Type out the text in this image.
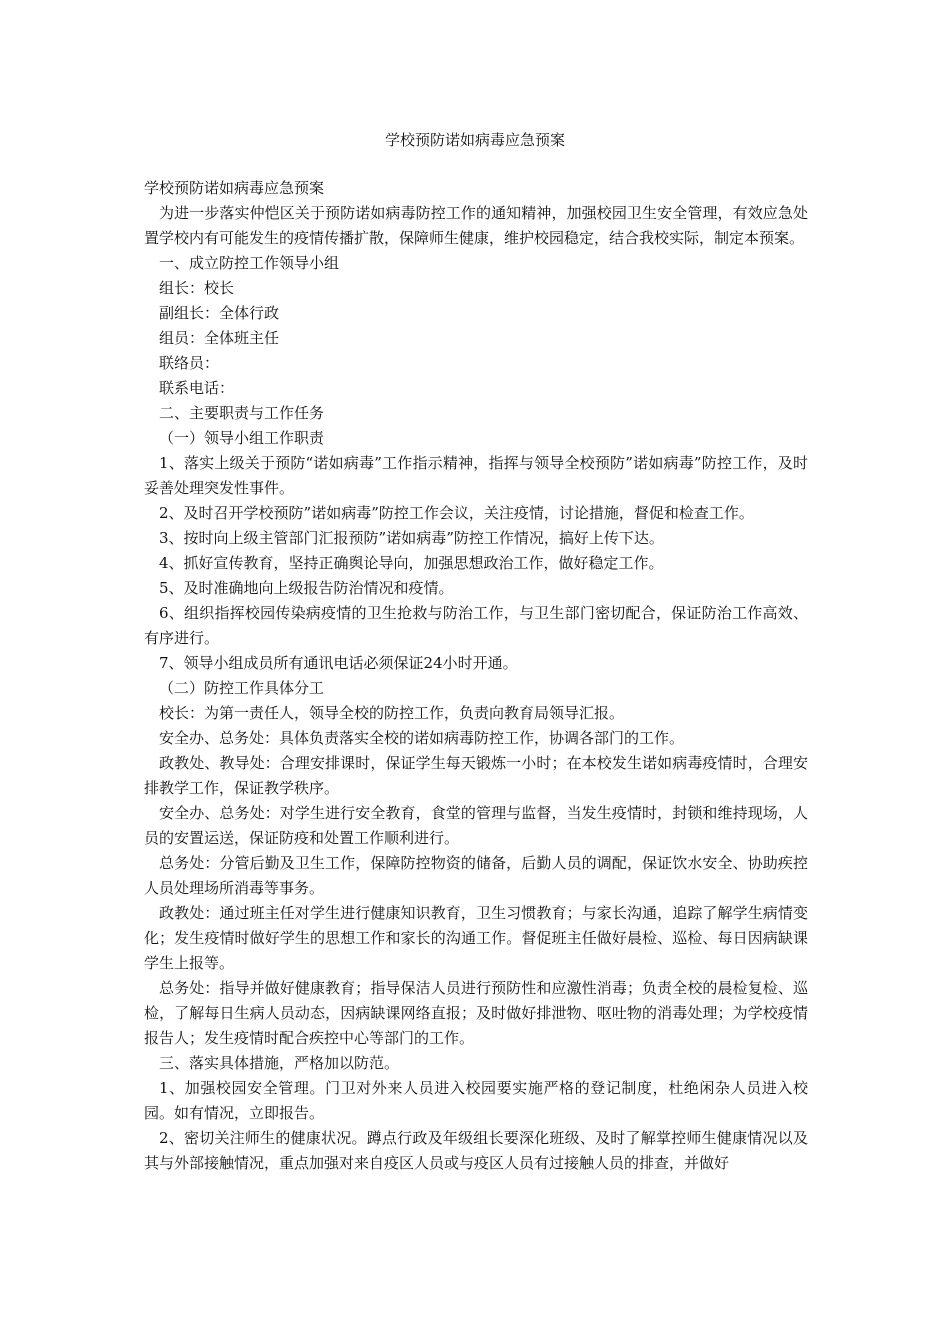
学校预防诺如病毒应急预案

学校预防诺如病毒应急预案

为进一步落实仲恺区关于预防诺如病毒防控工作的通知精神，加强校园卫生安全管理，有效应急处置学校内有可能发生的疫情传播扩散，保障师生健康，维护校园稳定，结合我校实际，制定本预案。

一、成立防控工作领导小组

组长：校长

副组长：全体行政

组员：全体班主任

联络员：

联系电话：

二、主要职责与工作任务

（一）领导小组工作职责

1、落实上级关于预防“诺如病毒”工作指示精神，指挥与领导全校预防”诺如病毒”防控工作，及时妥善处理突发性事件。

2、及时召开学校预防”诺如病毒”防控工作会议，关注疫情，讨论措施，督促和检查工作。

3、按时向上级主管部门汇报预防”诺如病毒”防控工作情况，搞好上传下达。

4、抓好宣传教育，坚持正确舆论导向，加强思想政治工作，做好稳定工作。

5、及时准确地向上级报告防治情况和疫情。

6、组织指挥校园传染病疫情的卫生抢救与防治工作，与卫生部门密切配合，保证防治工作高效、有序进行。

7、领导小组成员所有通讯电话必须保证24小时开通。

（二）防控工作具体分工

校长：为第一责任人，领导全校的防控工作，负责向教育局领导汇报。

安全办、总务处：具体负责落实全校的诺如病毒防控工作，协调各部门的工作。

政教处、教导处：合理安排课时，保证学生每天锻炼一小时；在本校发生诺如病毒疫情时，合理安排教学工作，保证教学秩序。

安全办、总务处：对学生进行安全教育，食堂的管理与监督，当发生疫情时，封锁和维持现场，人员的安置运送，保证防疫和处置工作顺利进行。

总务处：分管后勤及卫生工作，保障防控物资的储备，后勤人员的调配，保证饮水安全、协助疾控人员处理场所消毒等事务。

政教处：通过班主任对学生进行健康知识教育，卫生习惯教育；与家长沟通，追踪了解学生病情变化；发生疫情时做好学生的思想工作和家长的沟通工作。督促班主任做好晨检、巡检、每日因病缺课学生上报等。

总务处：指导并做好健康教育；指导保洁人员进行预防性和应激性消毒；负责全校的晨检复检、巡检，了解每日生病人员动态，因病缺课网络直报；及时做好排泄物、呕吐物的消毒处理；为学校疫情报告人；发生疫情时配合疾控中心等部门的工作。

三、落实具体措施，严格加以防范。

1、加强校园安全管理。门卫对外来人员进入校园要实施严格的登记制度，杜绝闲杂人员进入校园。如有情况，立即报告。

2、密切关注师生的健康状况。蹲点行政及年级组长要深化班级、及时了解掌控师生健康情况以及其与外部接触情况，重点加强对来自疫区人员或与疫区人员有过接触人员的排查，并做好
